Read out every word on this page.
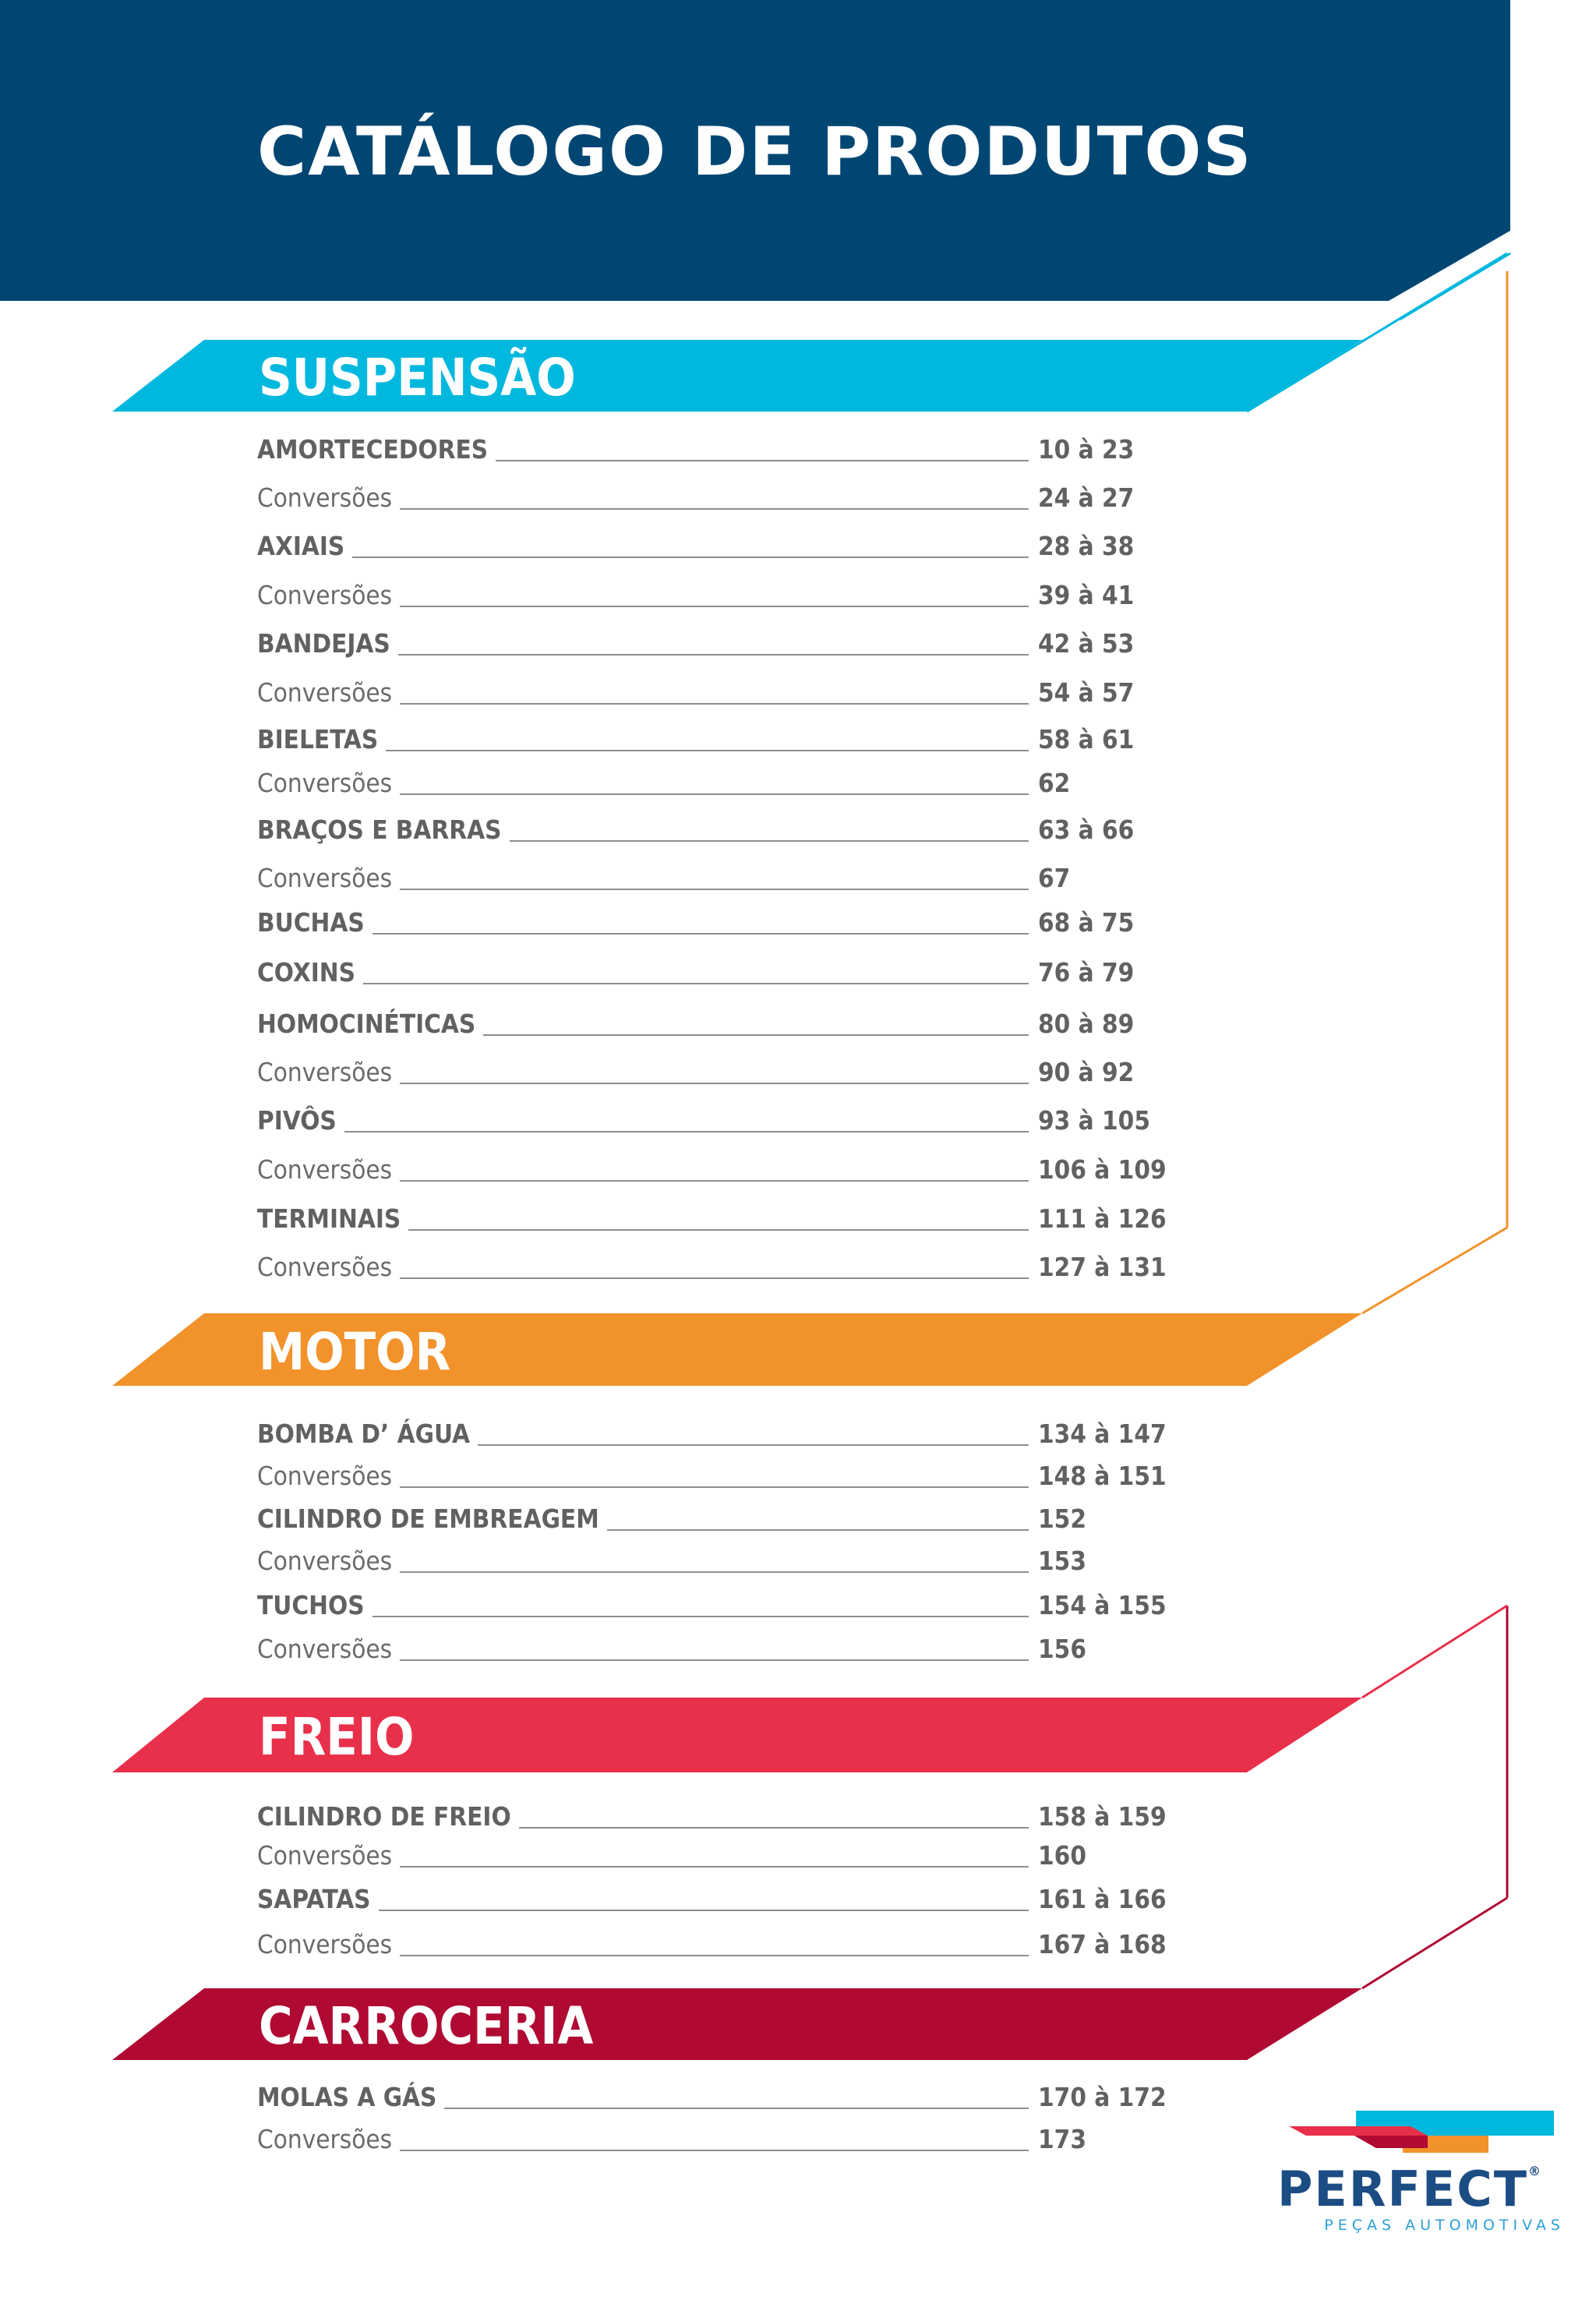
CATÁLOGO DE PRODUTOS
SUSPENSÃO
MOTOR
FREIO
CARROCERIA
AMORTECEDORES	10 à 23
Conversões	24 à 27
AXIAIS	28 à 38
Conversões	39 à 41
BANDEJAS	42 à 53
Conversões	54 à 57
BIELETAS	58 à 61
Conversões	62
BRAÇOS E BARRAS	63 à 66
Conversões	67
BUCHAS	68 à 75
COXINS	76 à 79
HOMOCINÉTICAS	80 à 89
Conversões	90 à 92
PIVÔS	93 à 105
Conversões	106 à 109
TERMINAIS	111 à 126
Conversões	127 à 131
BOMBA D’ ÁGUA	134 à 147
Conversões	148 à 151
CILINDRO DE EMBREAGEM	152
Conversões	153
TUCHOS	154 à 155
Conversões	156
CILINDRO DE FREIO	158 à 159
Conversões	160
SAPATAS	161 à 166
Conversões	167 à 168
MOLAS A GÁS	170 à 172
Conversões	173
PERFECT®
PEÇAS AUTOMOTIVAS
